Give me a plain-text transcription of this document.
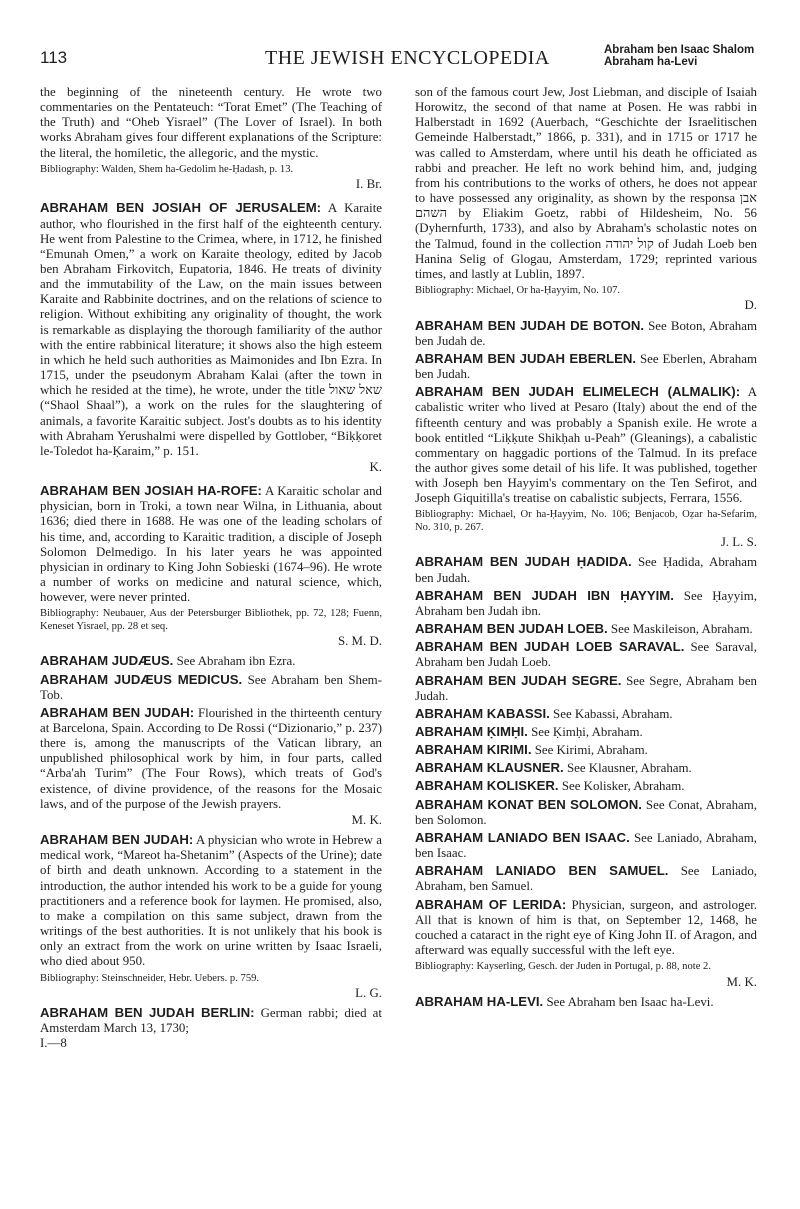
113	THE JEWISH ENCYCLOPEDIA	Abraham ben Isaac Shalom
Abraham ha-Levi

the beginning of the nineteenth century. He wrote two commentaries on the Pentateuch: “Torat Emet” (The Teaching of the Truth) and “Oheb Yisrael” (The Lover of Israel). In both works Abraham gives four different explanations of the Scripture: the literal, the homiletic, the allegoric, and the mystic.

Bibliography: Walden, Shem ha-Gedolim he-Ḥadash, p. 13.

I. Br.

ABRAHAM BEN JOSIAH OF JERUSALEM: A Karaite author, who flourished in the first half of the eighteenth century. He went from Palestine to the Crimea, where, in 1712, he finished “Emunah Omen,” a work on Karaite theology, edited by Jacob ben Abraham Firkovitch, Eupatoria, 1846. He treats of divinity and the immutability of the Law, on the main issues between Karaite and Rabbinite doctrines, and on the relations of science to religion. Without exhibiting any originality of thought, the work is remarkable as displaying the thorough familiarity of the author with the entire rabbinical literature; it shows also the high esteem in which he held such authorities as Maimonides and Ibn Ezra. In 1715, under the pseudonym Abraham Kalai (after the town in which he resided at the time), he wrote, under the title שאל שאול (“Shaol Shaal”), a work on the rules for the slaughtering of animals, a favorite Karaitic subject. Jost's doubts as to his identity with Abraham Yerushalmi were dispelled by Gottlober, “Biḳḳoret le-Toledot ha-Ḳaraim,” p. 151.

K.

ABRAHAM BEN JOSIAH HA-ROFE: A Karaitic scholar and physician, born in Troki, a town near Wilna, in Lithuania, about 1636; died there in 1688. He was one of the leading scholars of his time, and, according to Karaitic tradition, a disciple of Joseph Solomon Delmedigo. In his later years he was appointed physician in ordinary to King John Sobieski (1674–96). He wrote a number of works on medicine and natural science, which, however, were never printed.

Bibliography: Neubauer, Aus der Petersburger Bibliothek, pp. 72, 128; Fuenn, Keneset Yisrael, pp. 28 et seq.

S. M. D.

ABRAHAM JUDÆUS. See Abraham ibn Ezra.

ABRAHAM JUDÆUS MEDICUS. See Abraham ben Shem-Tob.

ABRAHAM BEN JUDAH: Flourished in the thirteenth century at Barcelona, Spain. According to De Rossi (“Dizionario,” p. 237) there is, among the manuscripts of the Vatican library, an unpublished philosophical work by him, in four parts, called “Arba'ah Turim” (The Four Rows), which treats of God's existence, of divine providence, of the reasons for the Mosaic laws, and of the purpose of the Jewish prayers.

M. K.

ABRAHAM BEN JUDAH: A physician who wrote in Hebrew a medical work, “Mareot ha-Shetanim” (Aspects of the Urine); date of birth and death unknown. According to a statement in the introduction, the author intended his work to be a guide for young practitioners and a reference book for laymen. He promised, also, to make a compilation on this same subject, drawn from the writings of the best authorities. It is not unlikely that his book is only an extract from the work on urine written by Isaac Israeli, who died about 950.

Bibliography: Steinschneider, Hebr. Uebers. p. 759.

L. G.

ABRAHAM BEN JUDAH BERLIN: German rabbi; died at Amsterdam March 13, 1730;

I.—8

son of the famous court Jew, Jost Liebman, and disciple of Isaiah Horowitz, the second of that name at Posen. He was rabbi in Halberstadt in 1692 (Auerbach, “Geschichte der Israelitischen Gemeinde Halberstadt,” 1866, p. 331), and in 1715 or 1717 he was called to Amsterdam, where until his death he officiated as rabbi and preacher. He left no work behind him, and, judging from his contributions to the works of others, he does not appear to have possessed any originality, as shown by the responsa אבן השהם by Eliakim Goetz, rabbi of Hildesheim, No. 56 (Dyhernfurth, 1733), and also by Abraham's scholastic notes on the Talmud, found in the collection קול יהודה of Judah Loeb ben Hanina Selig of Glogau, Amsterdam, 1729; reprinted various times, and lastly at Lublin, 1897.

Bibliography: Michael, Or ha-Ḥayyim, No. 107.

D.

ABRAHAM BEN JUDAH DE BOTON. See Boton, Abraham ben Judah de.

ABRAHAM BEN JUDAH EBERLEN. See Eberlen, Abraham ben Judah.

ABRAHAM BEN JUDAH ELIMELECH (ALMALIK): A cabalistic writer who lived at Pesaro (Italy) about the end of the fifteenth century and was probably a Spanish exile. He wrote a book entitled “Liḳḳute Shikḥah u-Peah” (Gleanings), a cabalistic commentary on haggadic portions of the Talmud. In its preface the author gives some detail of his life. It was published, together with Joseph ben Hayyim's commentary on the Ten Sefirot, and Joseph Giquitilla's treatise on cabalistic subjects, Ferrara, 1556.

Bibliography: Michael, Or ha-Ḥayyim, No. 106; Benjacob, Oẓar ha-Sefarim, No. 310, p. 267.

J. L. S.

ABRAHAM BEN JUDAH ḤADIDA. See Ḥadida, Abraham ben Judah.

ABRAHAM BEN JUDAH IBN ḤAYYIM. See Ḥayyim, Abraham ben Judah ibn.

ABRAHAM BEN JUDAH LOEB. See Maskileison, Abraham.

ABRAHAM BEN JUDAH LOEB SARAVAL. See Saraval, Abraham ben Judah Loeb.

ABRAHAM BEN JUDAH SEGRE. See Segre, Abraham ben Judah.

ABRAHAM KABASSI. See Kabassi, Abraham.

ABRAHAM ḲIMḤI. See Ḳimḥi, Abraham.

ABRAHAM KIRIMI. See Kirimi, Abraham.

ABRAHAM KLAUSNER. See Klausner, Abraham.

ABRAHAM KOLISKER. See Kolisker, Abraham.

ABRAHAM KONAT BEN SOLOMON. See Conat, Abraham, ben Solomon.

ABRAHAM LANIADO BEN ISAAC. See Laniado, Abraham, ben Isaac.

ABRAHAM LANIADO BEN SAMUEL. See Laniado, Abraham, ben Samuel.

ABRAHAM OF LERIDA: Physician, surgeon, and astrologer. All that is known of him is that, on September 12, 1468, he couched a cataract in the right eye of King John II. of Aragon, and afterward was equally successful with the left eye.

Bibliography: Kayserling, Gesch. der Juden in Portugal, p. 88, note 2.

M. K.

ABRAHAM HA-LEVI. See Abraham ben Isaac ha-Levi.
